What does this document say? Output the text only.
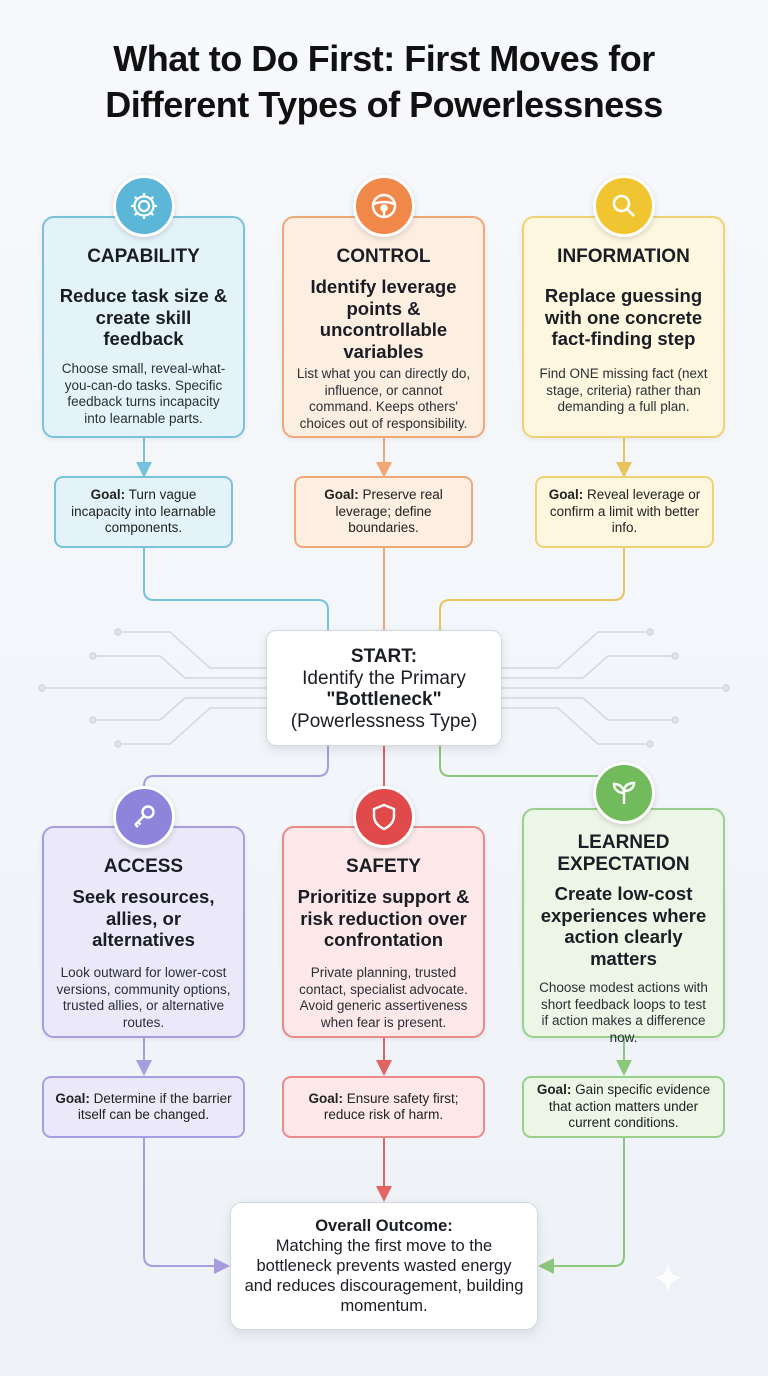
What to Do First: First Moves for
Different Types of Powerlessness
CAPABILITY
Reduce task size & create skill feedback
Choose small, reveal-what-you-can-do tasks. Specific feedback turns incapacity into learnable parts.
Goal: Turn vague incapacity into learnable components.
CONTROL
Identify leverage points & uncontrollable variables
List what you can directly do, influence, or cannot command. Keeps others' choices out of responsibility.
Goal: Preserve real leverage; define boundaries.
INFORMATION
Replace guessing with one concrete fact-finding step
Find ONE missing fact (next stage, criteria) rather than demanding a full plan.
Goal: Reveal leverage or confirm a limit with better info.
START:
Identify the Primary
"Bottleneck"
(Powerlessness Type)
ACCESS
Seek resources, allies, or alternatives
Look outward for lower-cost versions, community options, trusted allies, or alternative routes.
Goal: Determine if the barrier itself can be changed.
SAFETY
Prioritize support & risk reduction over confrontation
Private planning, trusted contact, specialist advocate. Avoid generic assertiveness when fear is present.
Goal: Ensure safety first; reduce risk of harm.
LEARNED EXPECTATION
Create low-cost experiences where action clearly matters
Choose modest actions with short feedback loops to test if action makes a difference now.
Goal: Gain specific evidence that action matters under current conditions.
Overall Outcome:
Matching the first move to the bottleneck prevents wasted energy and reduces discouragement, building momentum.
